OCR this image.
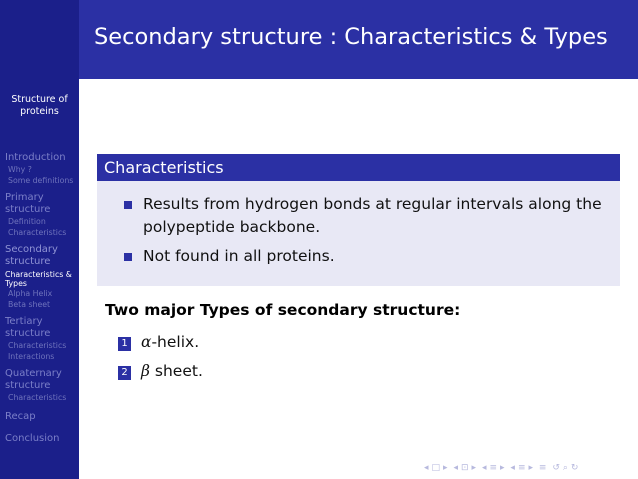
Structure of proteins
Introduction
Why ?
Some definitions
Primary structure
Definition
Characteristics
Secondary structure
Characteristics & Types
Alpha Helix
Beta sheet
Tertiary structure
Characteristics
Interactions
Quaternary structure
Characteristics
Recap
Conclusion
Secondary structure : Characteristics & Types
Characteristics
Results from hydrogen bonds at regular intervals along the polypeptide backbone.
Not found in all proteins.
Two major Types of secondary structure:
1 α-helix.
2 β sheet.
◂ □ ▸ ◂ ⊡ ▸ ◂ ≡ ▸ ◂ ≡ ▸ ≡ ↺ ⌕ ↻
